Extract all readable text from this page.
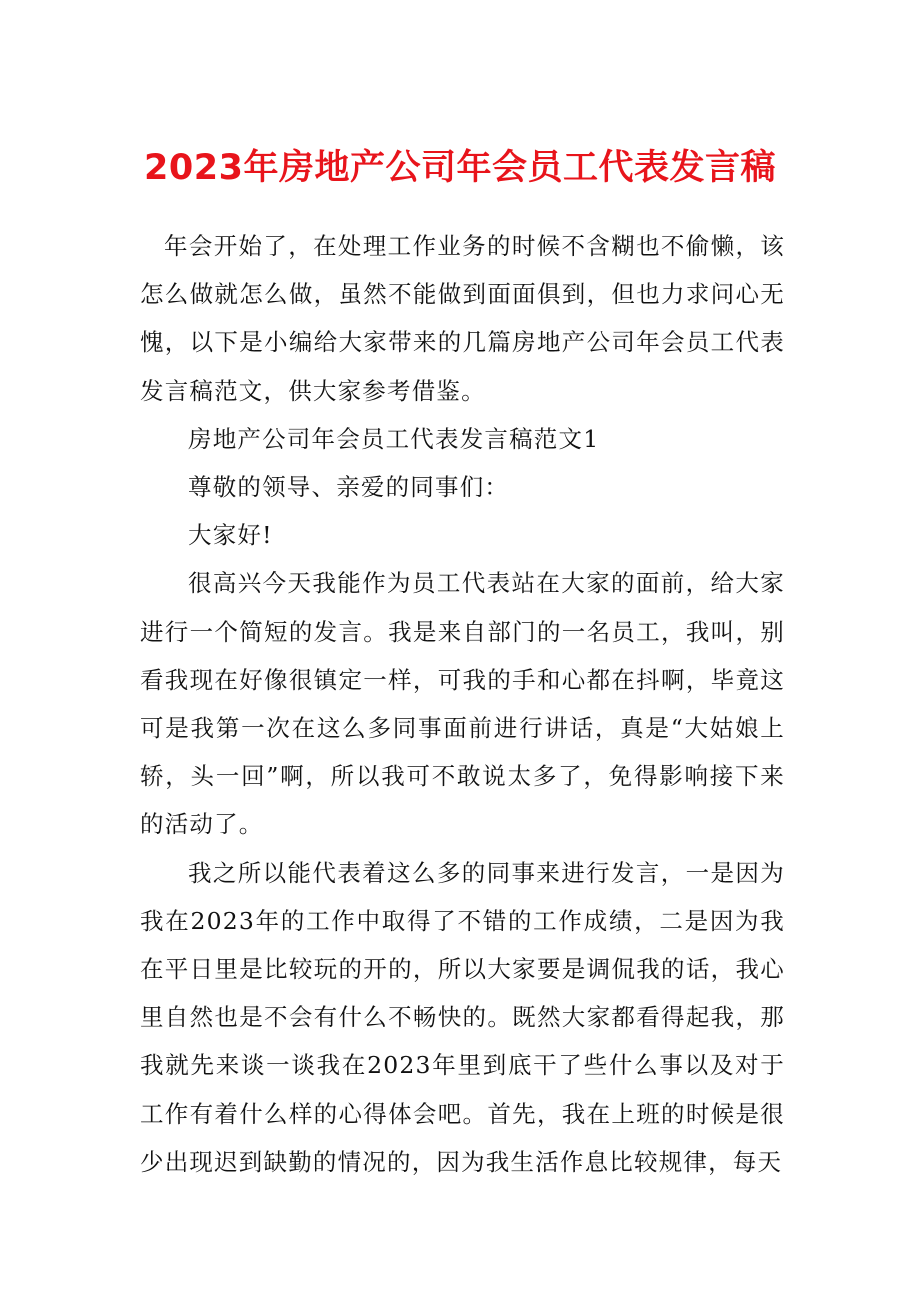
2023年房地产公司年会员工代表发言稿

年会开始了，在处理工作业务的时候不含糊也不偷懒，该怎么做就怎么做，虽然不能做到面面俱到，但也力求问心无愧，以下是小编给大家带来的几篇房地产公司年会员工代表发言稿范文，供大家参考借鉴。

房地产公司年会员工代表发言稿范文1

尊敬的领导、亲爱的同事们：

大家好!

很高兴今天我能作为员工代表站在大家的面前，给大家进行一个简短的发言。我是来自部门的一名员工，我叫，别看我现在好像很镇定一样，可我的手和心都在抖啊，毕竟这可是我第一次在这么多同事面前进行讲话，真是“大姑娘上轿，头一回”啊，所以我可不敢说太多了，免得影响接下来的活动了。

我之所以能代表着这么多的同事来进行发言，一是因为我在2023年的工作中取得了不错的工作成绩，二是因为我在平日里是比较玩的开的，所以大家要是调侃我的话，我心里自然也是不会有什么不畅快的。既然大家都看得起我，那我就先来谈一谈我在2023年里到底干了些什么事以及对于工作有着什么样的心得体会吧。首先，我在上班的时候是很少出现迟到缺勤的情况的，因为我生活作息比较规律，每天
